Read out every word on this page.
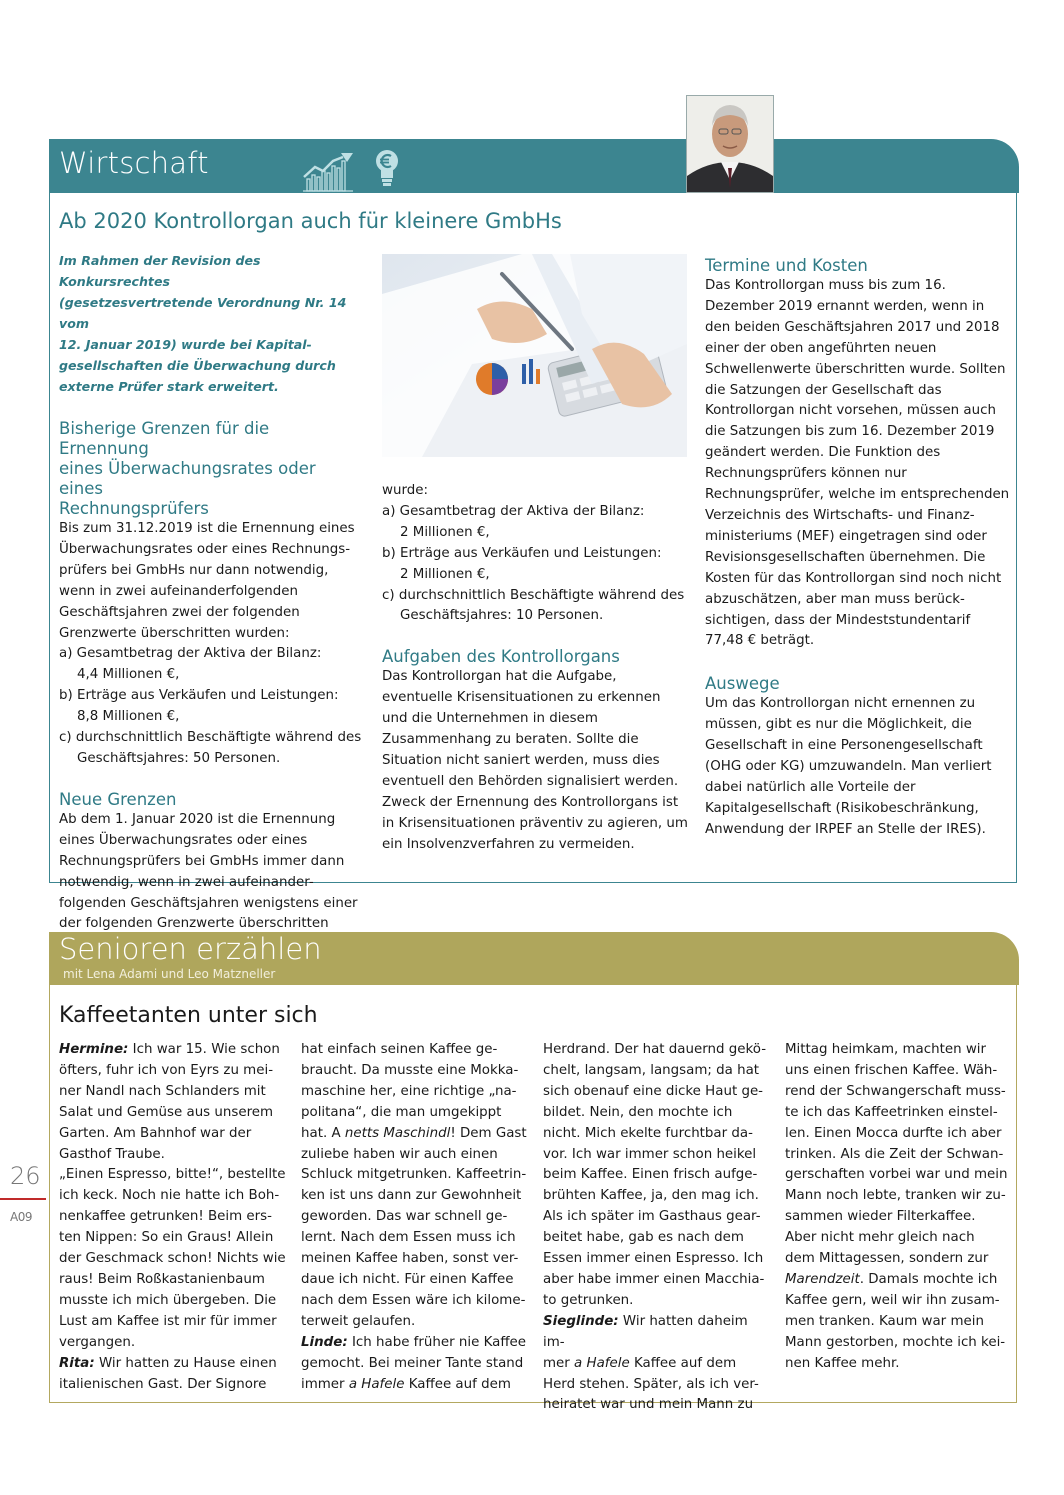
Wirtschaft
Ab 2020 Kontrollorgan auch für kleinere GmbHs
Im Rahmen der Revision des Konkursrechtes
(gesetzesvertretende Verordnung Nr. 14 vom
12. Januar 2019) wurde bei Kapital-
gesellschaften die Überwachung durch
externe Prüfer stark erweitert.
Bisherige Grenzen für die Ernennung
eines Überwachungsrates oder eines
Rechnungsprüfers
Bis zum 31.12.2019 ist die Ernennung eines
Überwachungsrates oder eines Rechnungs-
prüfers bei GmbHs nur dann notwendig,
wenn in zwei aufeinanderfolgenden
Geschäftsjahren zwei der folgenden
Grenzwerte überschritten wurden:
a) Gesamtbetrag der Aktiva der Bilanz:
4,4 Millionen €,
b) Erträge aus Verkäufen und Leistungen:
8,8 Millionen €,
c) durchschnittlich Beschäftigte während des
Geschäftsjahres: 50 Personen.
Neue Grenzen
Ab dem 1. Januar 2020 ist die Ernennung
eines Überwachungsrates oder eines
Rechnungsprüfers bei GmbHs immer dann
notwendig, wenn in zwei aufeinander-
folgenden Geschäftsjahren wenigstens einer
der folgenden Grenzwerte überschritten
wurde:
a) Gesamtbetrag der Aktiva der Bilanz:
2 Millionen €,
b) Erträge aus Verkäufen und Leistungen:
2 Millionen €,
c) durchschnittlich Beschäftigte während des
Geschäftsjahres: 10 Personen.
Aufgaben des Kontrollorgans
Das Kontrollorgan hat die Aufgabe,
eventuelle Krisensituationen zu erkennen
und die Unternehmen in diesem
Zusammenhang zu beraten. Sollte die
Situation nicht saniert werden, muss dies
eventuell den Behörden signalisiert werden.
Zweck der Ernennung des Kontrollorgans ist
in Krisensituationen präventiv zu agieren, um
ein Insolvenzverfahren zu vermeiden.
Termine und Kosten
Das Kontrollorgan muss bis zum 16.
Dezember 2019 ernannt werden, wenn in
den beiden Geschäftsjahren 2017 und 2018
einer der oben angeführten neuen
Schwellenwerte überschritten wurde. Sollten
die Satzungen der Gesellschaft das
Kontrollorgan nicht vorsehen, müssen auch
die Satzungen bis zum 16. Dezember 2019
geändert werden. Die Funktion des
Rechnungsprüfers können nur
Rechnungsprüfer, welche im entsprechenden
Verzeichnis des Wirtschafts- und Finanz-
ministeriums (MEF) eingetragen sind oder
Revisionsgesellschaften übernehmen. Die
Kosten für das Kontrollorgan sind noch nicht
abzuschätzen, aber man muss berück-
sichtigen, dass der Mindeststundentarif
77,48 € beträgt.
Auswege
Um das Kontrollorgan nicht ernennen zu
müssen, gibt es nur die Möglichkeit, die
Gesellschaft in eine Personengesellschaft
(OHG oder KG) umzuwandeln. Man verliert
dabei natürlich alle Vorteile der
Kapitalgesellschaft (Risikobeschränkung,
Anwendung der IRPEF an Stelle der IRES).
Senioren erzählen
mit Lena Adami und Leo Matzneller
Kaffeetanten unter sich
Hermine: Ich war 15. Wie schon
öfters, fuhr ich von Eyrs zu mei-
ner Nandl nach Schlanders mit
Salat und Gemüse aus unserem
Garten. Am Bahnhof war der
Gasthof Traube.
„Einen Espresso, bitte!“, bestellte
ich keck. Noch nie hatte ich Boh-
nenkaffee getrunken! Beim ers-
ten Nippen: So ein Graus! Allein
der Geschmack schon! Nichts wie
raus! Beim Roßkastanienbaum
musste ich mich übergeben. Die
Lust am Kaffee ist mir für immer
vergangen.
Rita: Wir hatten zu Hause einen
italienischen Gast. Der Signore
hat einfach seinen Kaffee ge-
braucht. Da musste eine Mokka-
maschine her, eine richtige „na-
politana“, die man umgekippt
hat. A netts Maschindl! Dem Gast
zuliebe haben wir auch einen
Schluck mitgetrunken. Kaffeetrin-
ken ist uns dann zur Gewohnheit
geworden. Das war schnell ge-
lernt. Nach dem Essen muss ich
meinen Kaffee haben, sonst ver-
daue ich nicht. Für einen Kaffee
nach dem Essen wäre ich kilome-
terweit gelaufen.
Linde: Ich habe früher nie Kaffee
gemocht. Bei meiner Tante stand
immer a Hafele Kaffee auf dem
Herdrand. Der hat dauernd gekö-
chelt, langsam, langsam; da hat
sich obenauf eine dicke Haut ge-
bildet. Nein, den mochte ich
nicht. Mich ekelte furchtbar da-
vor. Ich war immer schon heikel
beim Kaffee. Einen frisch aufge-
brühten Kaffee, ja, den mag ich.
Als ich später im Gasthaus gear-
beitet habe, gab es nach dem
Essen immer einen Espresso. Ich
aber habe immer einen Macchia-
to getrunken.
Sieglinde: Wir hatten daheim im-
mer a Hafele Kaffee auf dem
Herd stehen. Später, als ich ver-
heiratet war und mein Mann zu
Mittag heimkam, machten wir
uns einen frischen Kaffee. Wäh-
rend der Schwangerschaft muss-
te ich das Kaffeetrinken einstel-
len. Einen Mocca durfte ich aber
trinken. Als die Zeit der Schwan-
gerschaften vorbei war und mein
Mann noch lebte, tranken wir zu-
sammen wieder Filterkaffee.
Aber nicht mehr gleich nach
dem Mittagessen, sondern zur
Marendzeit. Damals mochte ich
Kaffee gern, weil wir ihn zusam-
men tranken. Kaum war mein
Mann gestorben, mochte ich kei-
nen Kaffee mehr.
26
A09
